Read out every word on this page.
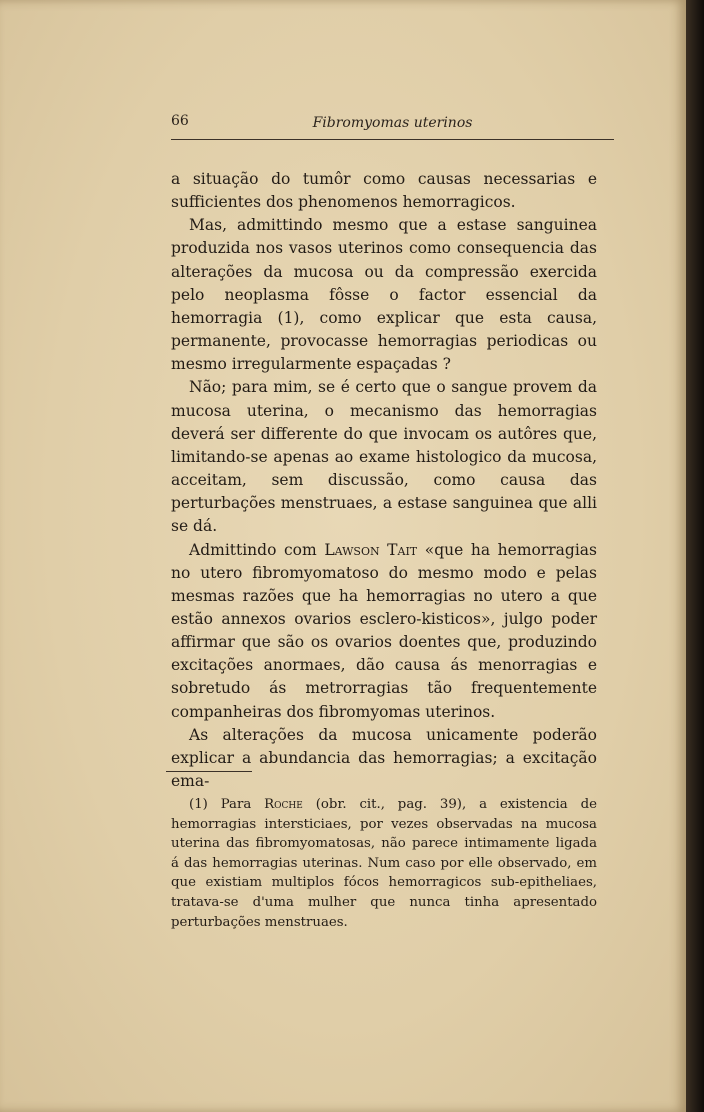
66	Fibromyomas uterinos

a situação do tumôr como causas necessarias e sufficientes dos phenomenos hemorragicos.

Mas, admittindo mesmo que a estase sanguinea produzida nos vasos uterinos como consequencia das alterações da mucosa ou da compressão exercida pelo neoplasma fôsse o factor essencial da hemorragia (1), como explicar que esta causa, permanente, provocasse hemorragias periodicas ou mesmo irregularmente espaçadas ?

Não; para mim, se é certo que o sangue provem da mucosa uterina, o mecanismo das hemorragias deverá ser differente do que invocam os autôres que, limitando-se apenas ao exame histologico da mucosa, acceitam, sem discussão, como causa das perturbações menstruaes, a estase sanguinea que alli se dá.

Admittindo com Lawson Tait «que ha hemorragias no utero fibromyomatoso do mesmo modo e pelas mesmas razões que ha hemorragias no utero a que estão annexos ovarios esclero-kisticos», julgo poder affirmar que são os ovarios doentes que, produzindo excitações anormaes, dão causa ás menorragias e sobretudo ás metrorragias tão frequentemente companheiras dos fibromyomas uterinos.

As alterações da mucosa unicamente poderão explicar a abundancia das hemorragias; a excitação ema-

(1) Para Roche (obr. cit., pag. 39), a existencia de hemorragias intersticiaes, por vezes observadas na mucosa uterina das fibromyomatosas, não parece intimamente ligada á das hemorragias uterinas. Num caso por elle observado, em que existiam multiplos fócos hemorragicos sub-epitheliaes, tratava-se d'uma mulher que nunca tinha apresentado perturbações menstruaes.
